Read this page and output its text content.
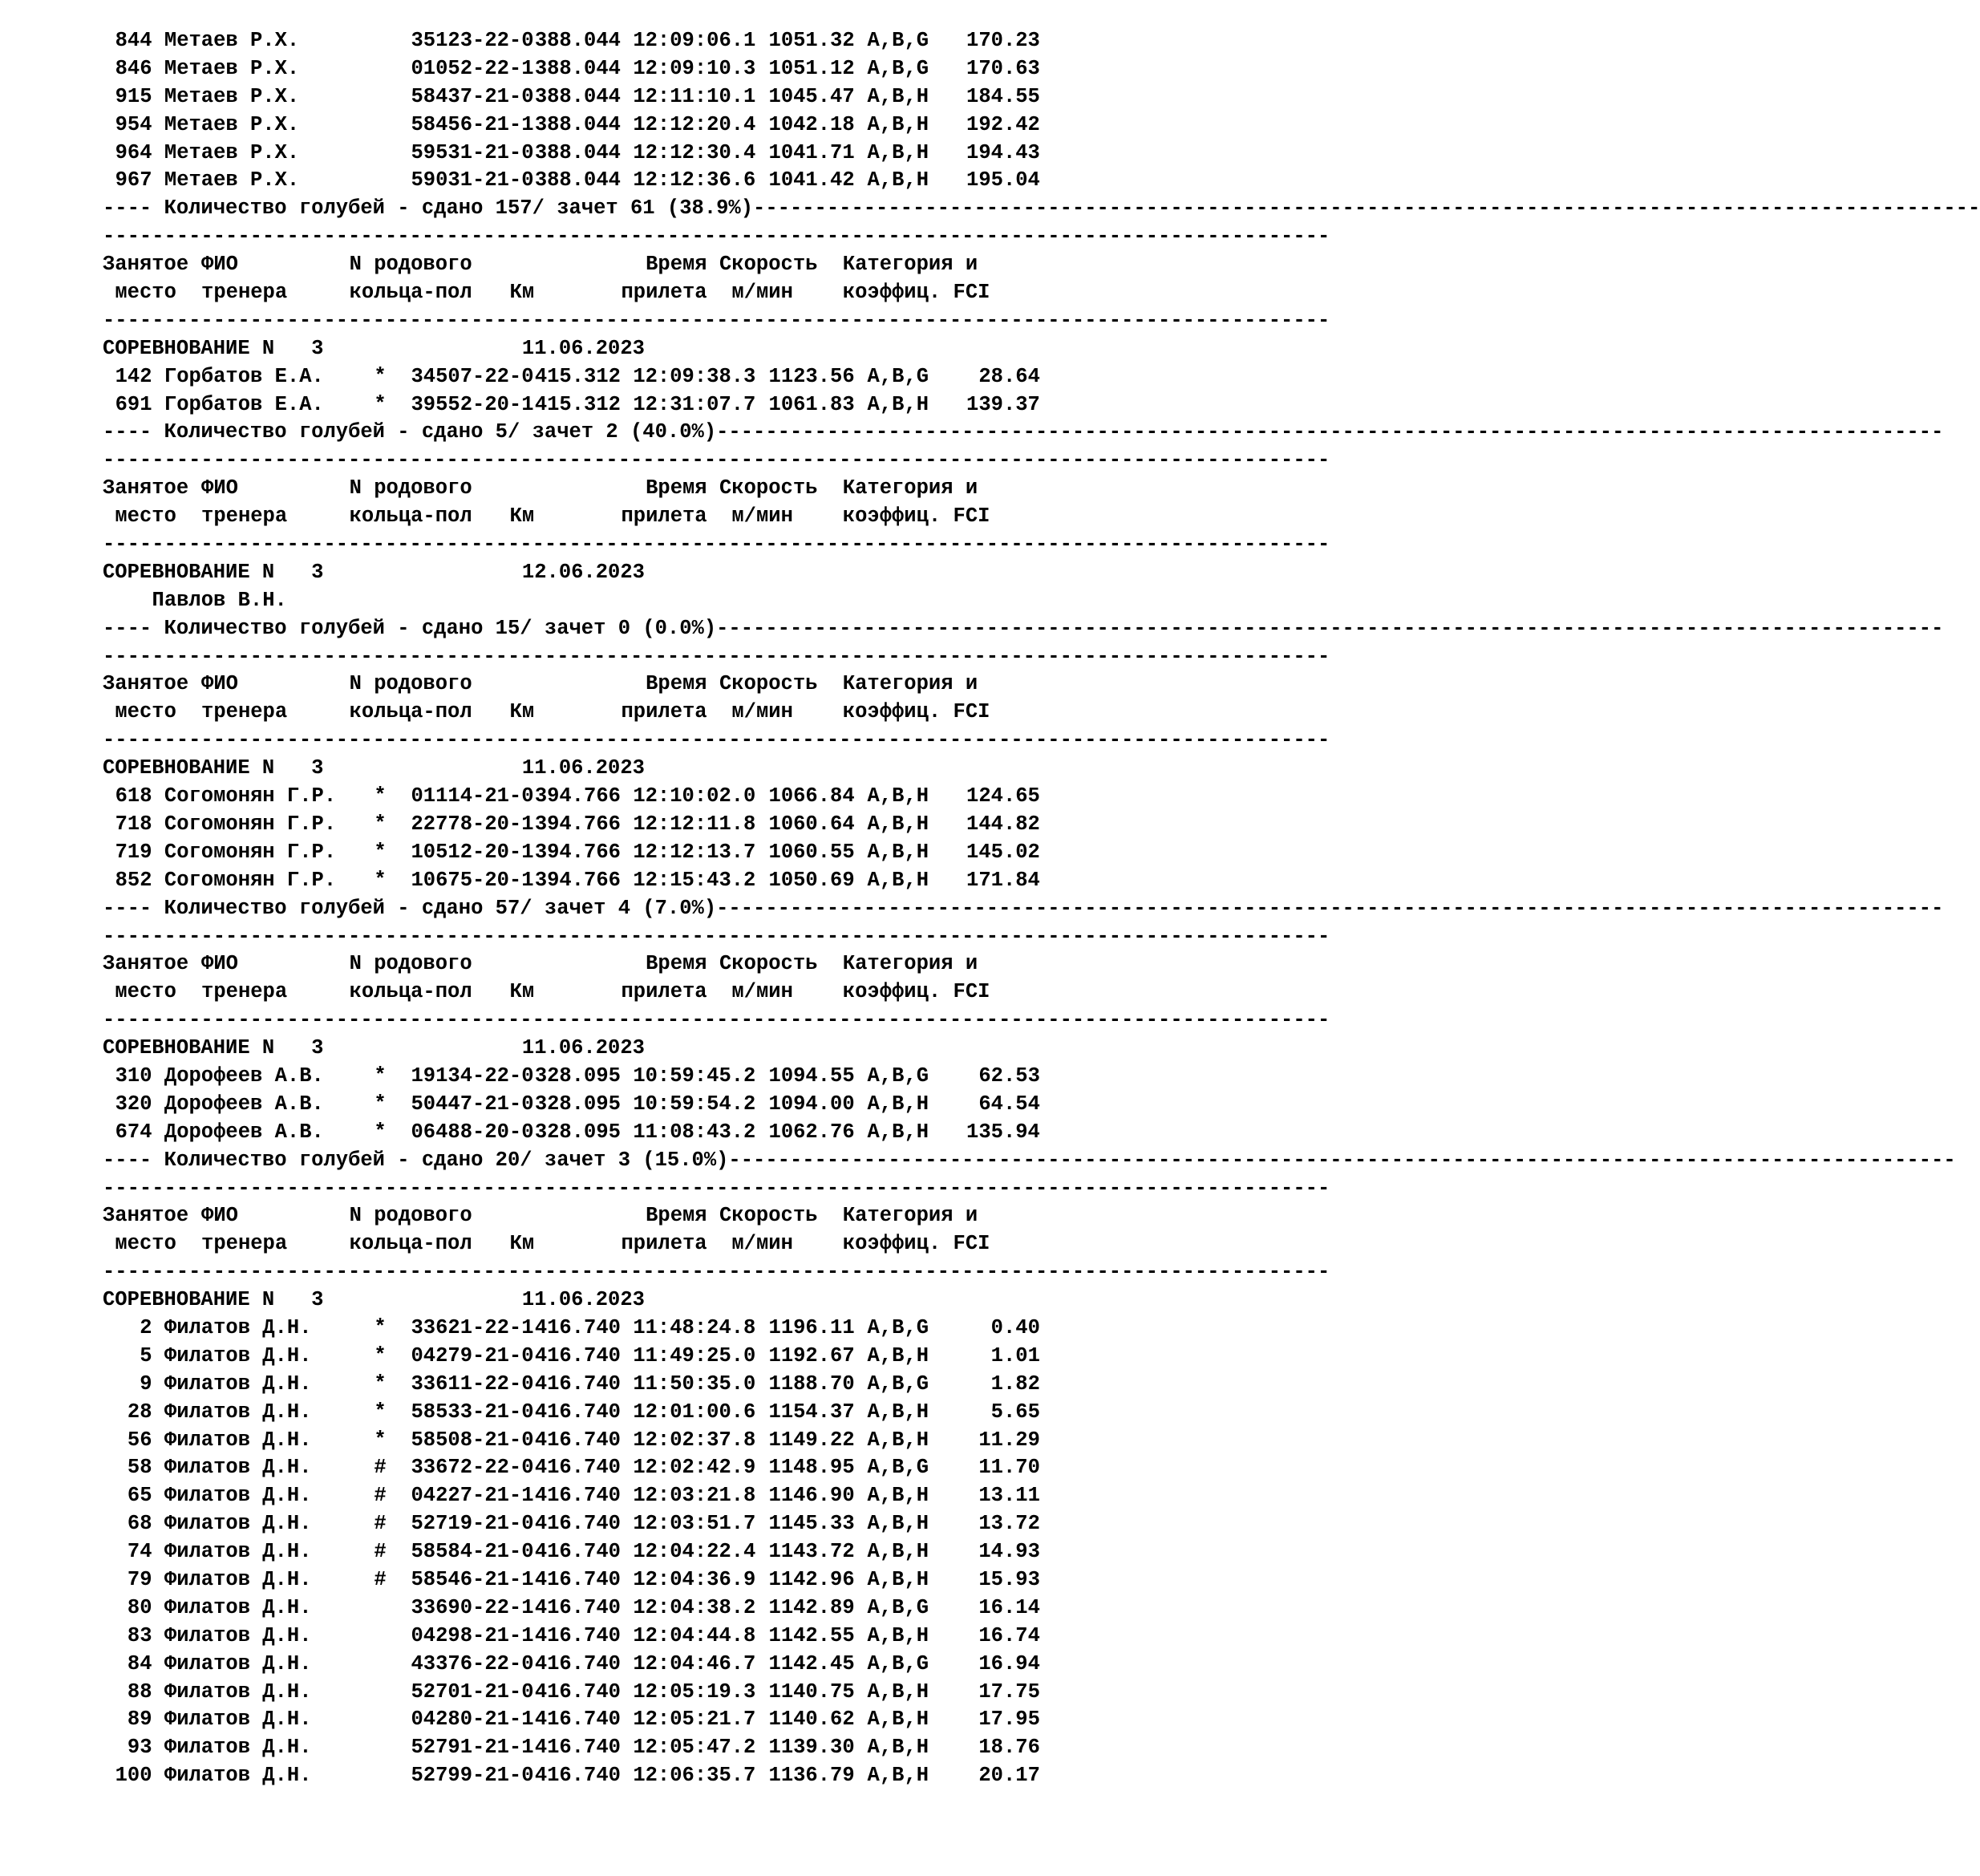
844 Метаев Р.Х.	35123-22-0 388.044 12:09:06.1 1051.32 A,B,G	170.23
846 Метаев Р.Х.	01052-22-1 388.044 12:09:10.3 1051.12 A,B,G	170.63
915 Метаев Р.Х.	58437-21-0 388.044 12:11:10.1 1045.47 A,B,H	184.55
954 Метаев Р.Х.	58456-21-1 388.044 12:12:20.4 1042.18 A,B,H	192.42
964 Метаев Р.Х.	59531-21-0 388.044 12:12:30.4 1041.71 A,B,H	194.43
967 Метаев Р.Х.	59031-21-0 388.044 12:12:36.6 1041.42 A,B,H	195.04
---- Количество голубей - сдано 157/ зачет 61 (38.9%)----------------------------------------------------------------------------------------------------
----------------------------------------------------------------------------------------------------
Занятое ФИО	N родового	Время Скорость Категория и
место тренера	кольца-пол Км	прилета м/мин коэффиц. FCI
----------------------------------------------------------------------------------------------------
СОРЕВНОВАНИЕ N   3	11.06.2023
142 Горбатов Е.А. * 34507-22-0 415.312 12:09:38.3 1123.56 A,B,G	28.64
691 Горбатов Е.А. * 39552-20-1 415.312 12:31:07.7 1061.83 A,B,H	139.37
---- Количество голубей - сдано 5/ зачет 2 (40.0%)----------------------------------------------------------------------------------------------------
----------------------------------------------------------------------------------------------------
Занятое ФИО	N родового	Время Скорость Категория и
место тренера	кольца-пол Км	прилета м/мин коэффиц. FCI
----------------------------------------------------------------------------------------------------
СОРЕВНОВАНИЕ N   3	12.06.2023
Павлов В.Н.
---- Количество голубей - сдано 15/ зачет 0 (0.0%)----------------------------------------------------------------------------------------------------
----------------------------------------------------------------------------------------------------
Занятое ФИО	N родового	Время Скорость Категория и
место тренера	кольца-пол Км	прилета м/мин коэффиц. FCI
----------------------------------------------------------------------------------------------------
СОРЕВНОВАНИЕ N   3	11.06.2023
618 Согомонян Г.Р. * 01114-21-0 394.766 12:10:02.0 1066.84 A,B,H	124.65
718 Согомонян Г.Р. * 22778-20-1 394.766 12:12:11.8 1060.64 A,B,H	144.82
719 Согомонян Г.Р. * 10512-20-1 394.766 12:12:13.7 1060.55 A,B,H	145.02
852 Согомонян Г.Р. * 10675-20-1 394.766 12:15:43.2 1050.69 A,B,H	171.84
---- Количество голубей - сдано 57/ зачет 4 (7.0%)----------------------------------------------------------------------------------------------------
----------------------------------------------------------------------------------------------------
Занятое ФИО	N родового	Время Скорость Категория и
место тренера	кольца-пол Км	прилета м/мин коэффиц. FCI
----------------------------------------------------------------------------------------------------
СОРЕВНОВАНИЕ N   3	11.06.2023
310 Дорофеев А.В. * 19134-22-0 328.095 10:59:45.2 1094.55 A,B,G	62.53
320 Дорофеев А.В. * 50447-21-0 328.095 10:59:54.2 1094.00 A,B,H	64.54
674 Дорофеев А.В. * 06488-20-0 328.095 11:08:43.2 1062.76 A,B,H	135.94
---- Количество голубей - сдано 20/ зачет 3 (15.0%)----------------------------------------------------------------------------------------------------
----------------------------------------------------------------------------------------------------
Занятое ФИО	N родового	Время Скорость Категория и
место тренера	кольца-пол Км	прилета м/мин коэффиц. FCI
----------------------------------------------------------------------------------------------------
СОРЕВНОВАНИЕ N   3	11.06.2023
2 Филатов Д.Н.	* 33621-22-1 416.740 11:48:24.8 1196.11 A,B,G	0.40
5 Филатов Д.Н.	* 04279-21-0 416.740 11:49:25.0 1192.67 A,B,H	1.01
9 Филатов Д.Н.	* 33611-22-0 416.740 11:50:35.0 1188.70 A,B,G	1.82
28 Филатов Д.Н.	* 58533-21-0 416.740 12:01:00.6 1154.37 A,B,H	5.65
56 Филатов Д.Н.	* 58508-21-0 416.740 12:02:37.8 1149.22 A,B,H	11.29
58 Филатов Д.Н.	# 33672-22-0 416.740 12:02:42.9 1148.95 A,B,G	11.70
65 Филатов Д.Н.	# 04227-21-1 416.740 12:03:21.8 1146.90 A,B,H	13.11
68 Филатов Д.Н.	# 52719-21-0 416.740 12:03:51.7 1145.33 A,B,H	13.72
74 Филатов Д.Н.	# 58584-21-0 416.740 12:04:22.4 1143.72 A,B,H	14.93
79 Филатов Д.Н.	# 58546-21-1 416.740 12:04:36.9 1142.96 A,B,H	15.93
80 Филатов Д.Н.	33690-22-1 416.740 12:04:38.2 1142.89 A,B,G	16.14
83 Филатов Д.Н.	04298-21-1 416.740 12:04:44.8 1142.55 A,B,H	16.74
84 Филатов Д.Н.	43376-22-0 416.740 12:04:46.7 1142.45 A,B,G	16.94
88 Филатов Д.Н.	52701-21-0 416.740 12:05:19.3 1140.75 A,B,H	17.75
89 Филатов Д.Н.	04280-21-1 416.740 12:05:21.7 1140.62 A,B,H	17.95
93 Филатов Д.Н.	52791-21-1 416.740 12:05:47.2 1139.30 A,B,H	18.76
100 Филатов Д.Н.	52799-21-0 416.740 12:06:35.7 1136.79 A,B,H	20.17
